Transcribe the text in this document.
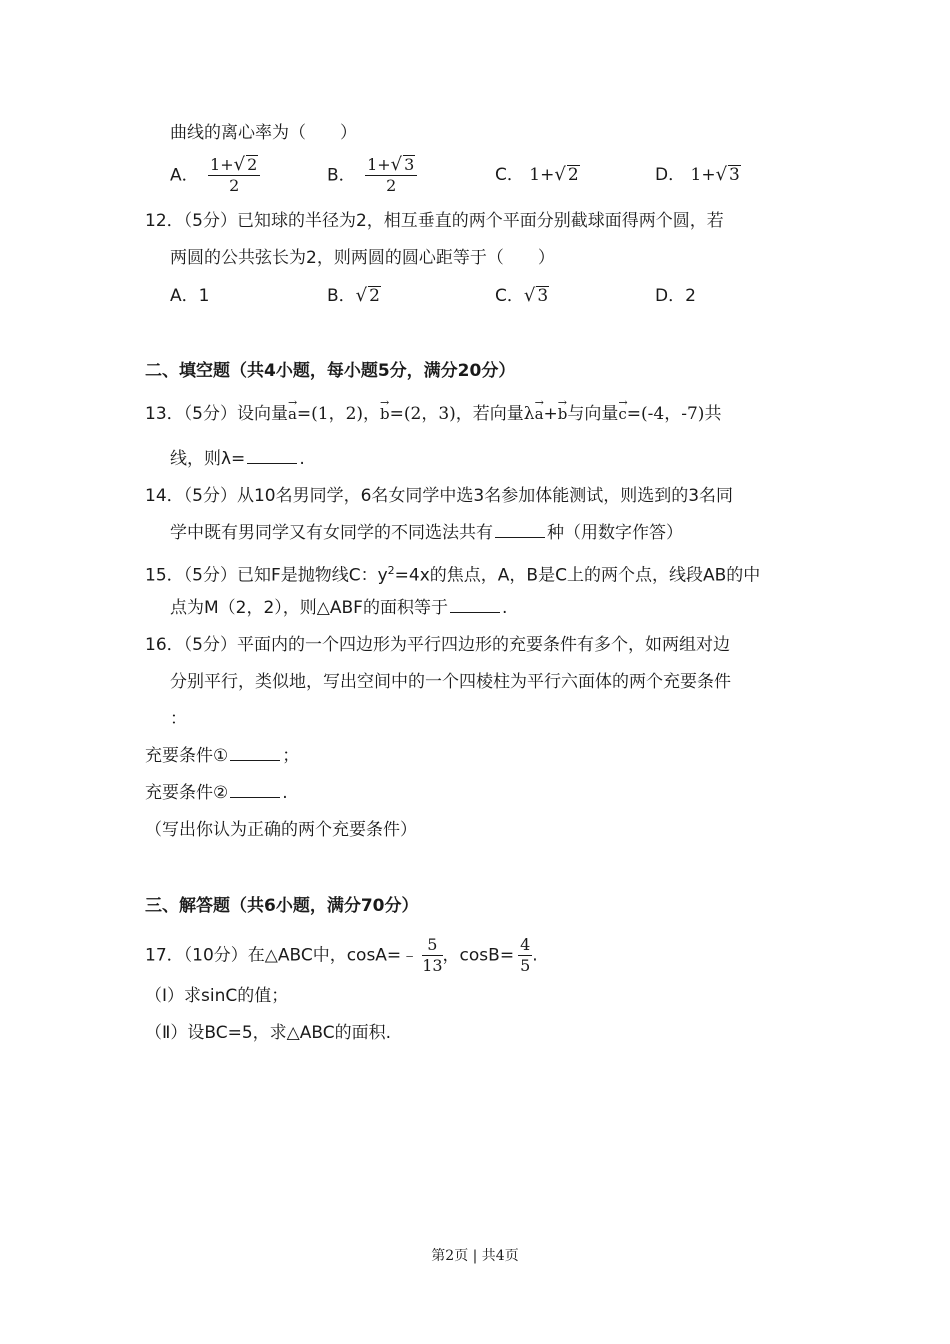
曲线的离心率为（　　）
A． $\frac{1+√ 2}{2}$	B． $\frac{1+√ 3}{2}$	C． 1+√ 2	D． 1+√ 3
12．（5分）已知球的半径为2，相互垂直的两个平面分别截球面得两个圆，若
两圆的公共弦长为2，则两圆的圆心距等于（　　）
A．1	B．√ 2	C．√ 3	D．2
二、填空题（共4小题，每小题5分，满分20分）
13．（5分）设向量→ a=(1，2)，→ b=(2，3)，若向量λ→ a+→ b与向量→ c=(-4，-7)共
线，则λ=	.
14．（5分）从10名男同学，6名女同学中选3名参加体能测试，则选到的3名同
学中既有男同学又有女同学的不同选法共有	种（用数字作答）
15．（5分）已知F是抛物线C：$y^2=4x$的焦点，A，B是C上的两个点，线段AB的中
点为M（2，2），则△ABF的面积等于	.
16．（5分）平面内的一个四边形为平行四边形的充要条件有多个，如两组对边
分别平行，类似地，写出空间中的一个四棱柱为平行六面体的两个充要条件
：
充要条件①	；
充要条件②	.
（写出你认为正确的两个充要条件）
三、解答题（共6小题，满分70分）
17．（10分）在△ABC中，cosA=﹣ $\frac{5}{13}$ ，$\cos B= \frac{4}{5}$ .
（Ⅰ）求sinC的值；
（Ⅱ）设BC=5，求△ABC的面积.
第2页 | 共4页
